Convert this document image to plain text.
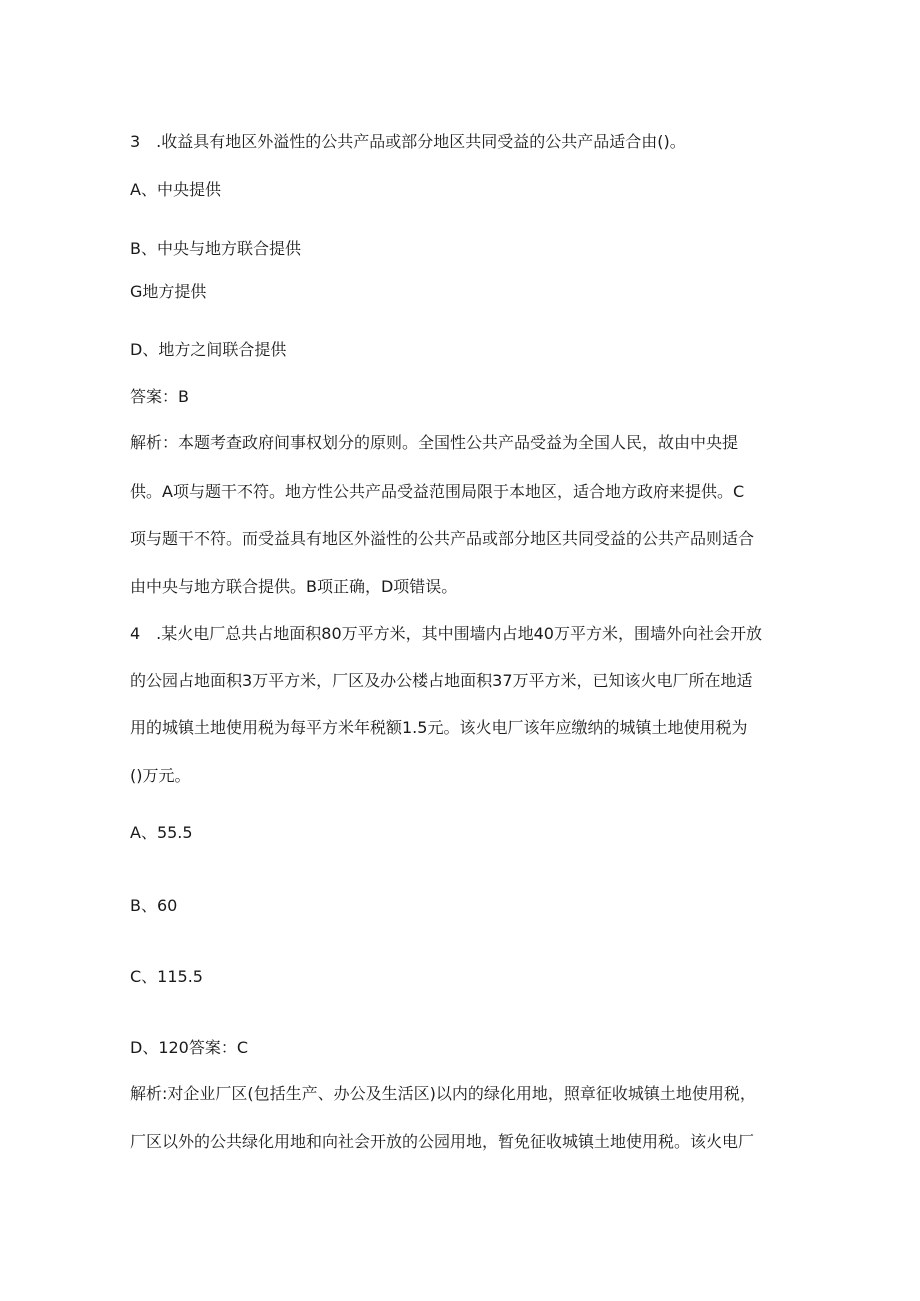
3　.收益具有地区外溢性的公共产品或部分地区共同受益的公共产品适合由()。
A、中央提供
B、中央与地方联合提供
G地方提供
D、地方之间联合提供
答案：B
解析：本题考查政府间事权划分的原则。全国性公共产品受益为全国人民，故由中央提
供。A项与题干不符。地方性公共产品受益范围局限于本地区，适合地方政府来提供。C
项与题干不符。而受益具有地区外溢性的公共产品或部分地区共同受益的公共产品则适合
由中央与地方联合提供。B项正确，D项错误。
4　.某火电厂总共占地面积80万平方米，其中围墙内占地40万平方米，围墙外向社会开放
的公园占地面积3万平方米，厂区及办公楼占地面积37万平方米，已知该火电厂所在地适
用的城镇土地使用税为每平方米年税额1.5元。该火电厂该年应缴纳的城镇土地使用税为
()万元。
A、55.5
B、60
C、115.5
D、120答案：C
解析:对企业厂区(包括生产、办公及生活区)以内的绿化用地，照章征收城镇土地使用税，
厂区以外的公共绿化用地和向社会开放的公园用地，暂免征收城镇土地使用税。该火电厂
